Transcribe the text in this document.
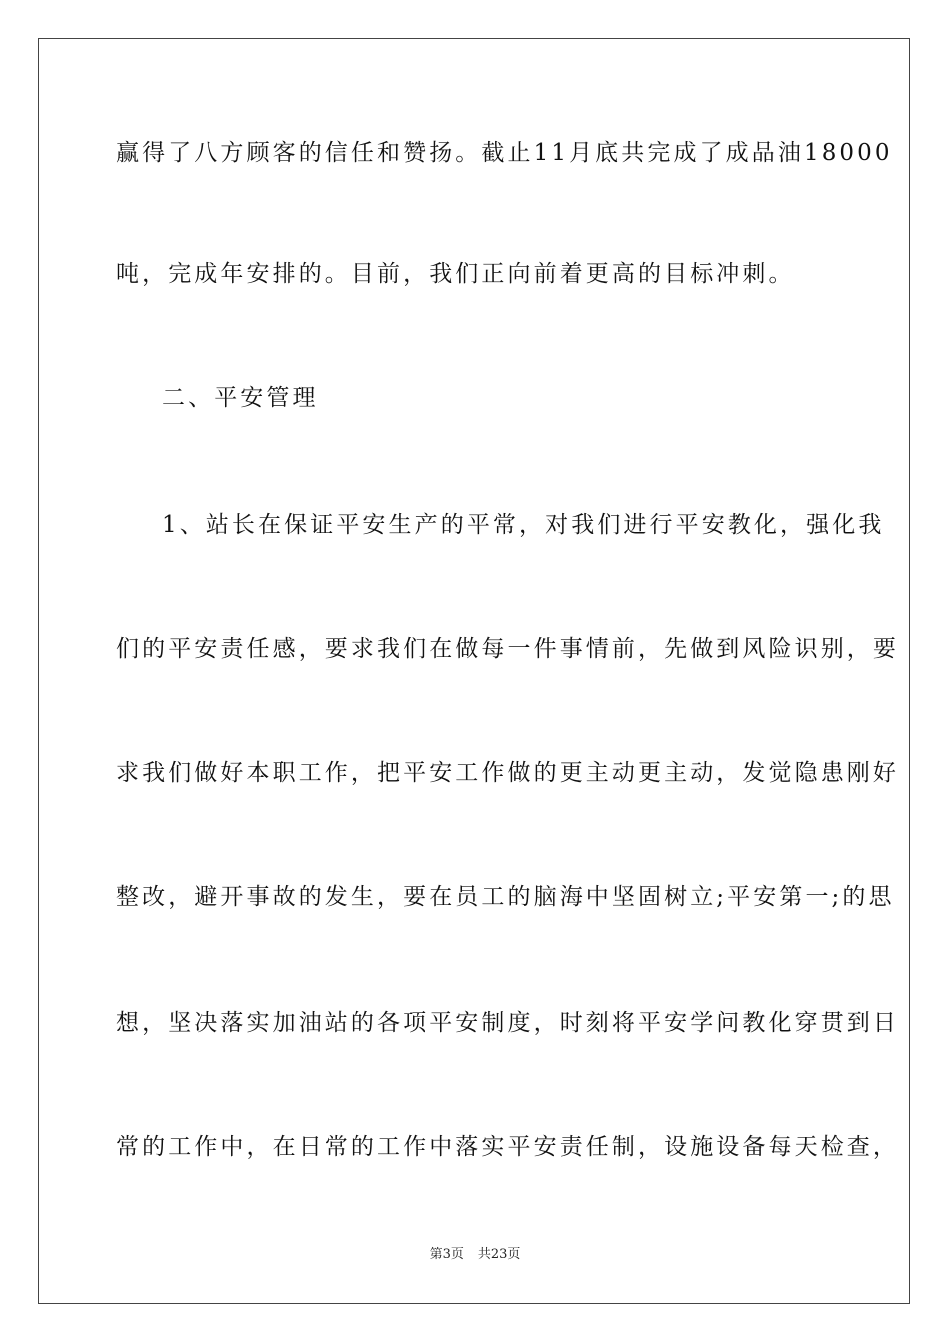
赢得了八方顾客的信任和赞扬。截止11月底共完成了成品油18000
吨，完成年安排的。目前，我们正向前着更高的目标冲刺。
二、平安管理
1、站长在保证平安生产的平常，对我们进行平安教化，强化我
们的平安责任感，要求我们在做每一件事情前，先做到风险识别，要
求我们做好本职工作，把平安工作做的更主动更主动，发觉隐患刚好
整改，避开事故的发生，要在员工的脑海中坚固树立;平安第一;的思
想，坚决落实加油站的各项平安制度，时刻将平安学问教化穿贯到日
常的工作中，在日常的工作中落实平安责任制，设施设备每天检查，
第3页 共23页
